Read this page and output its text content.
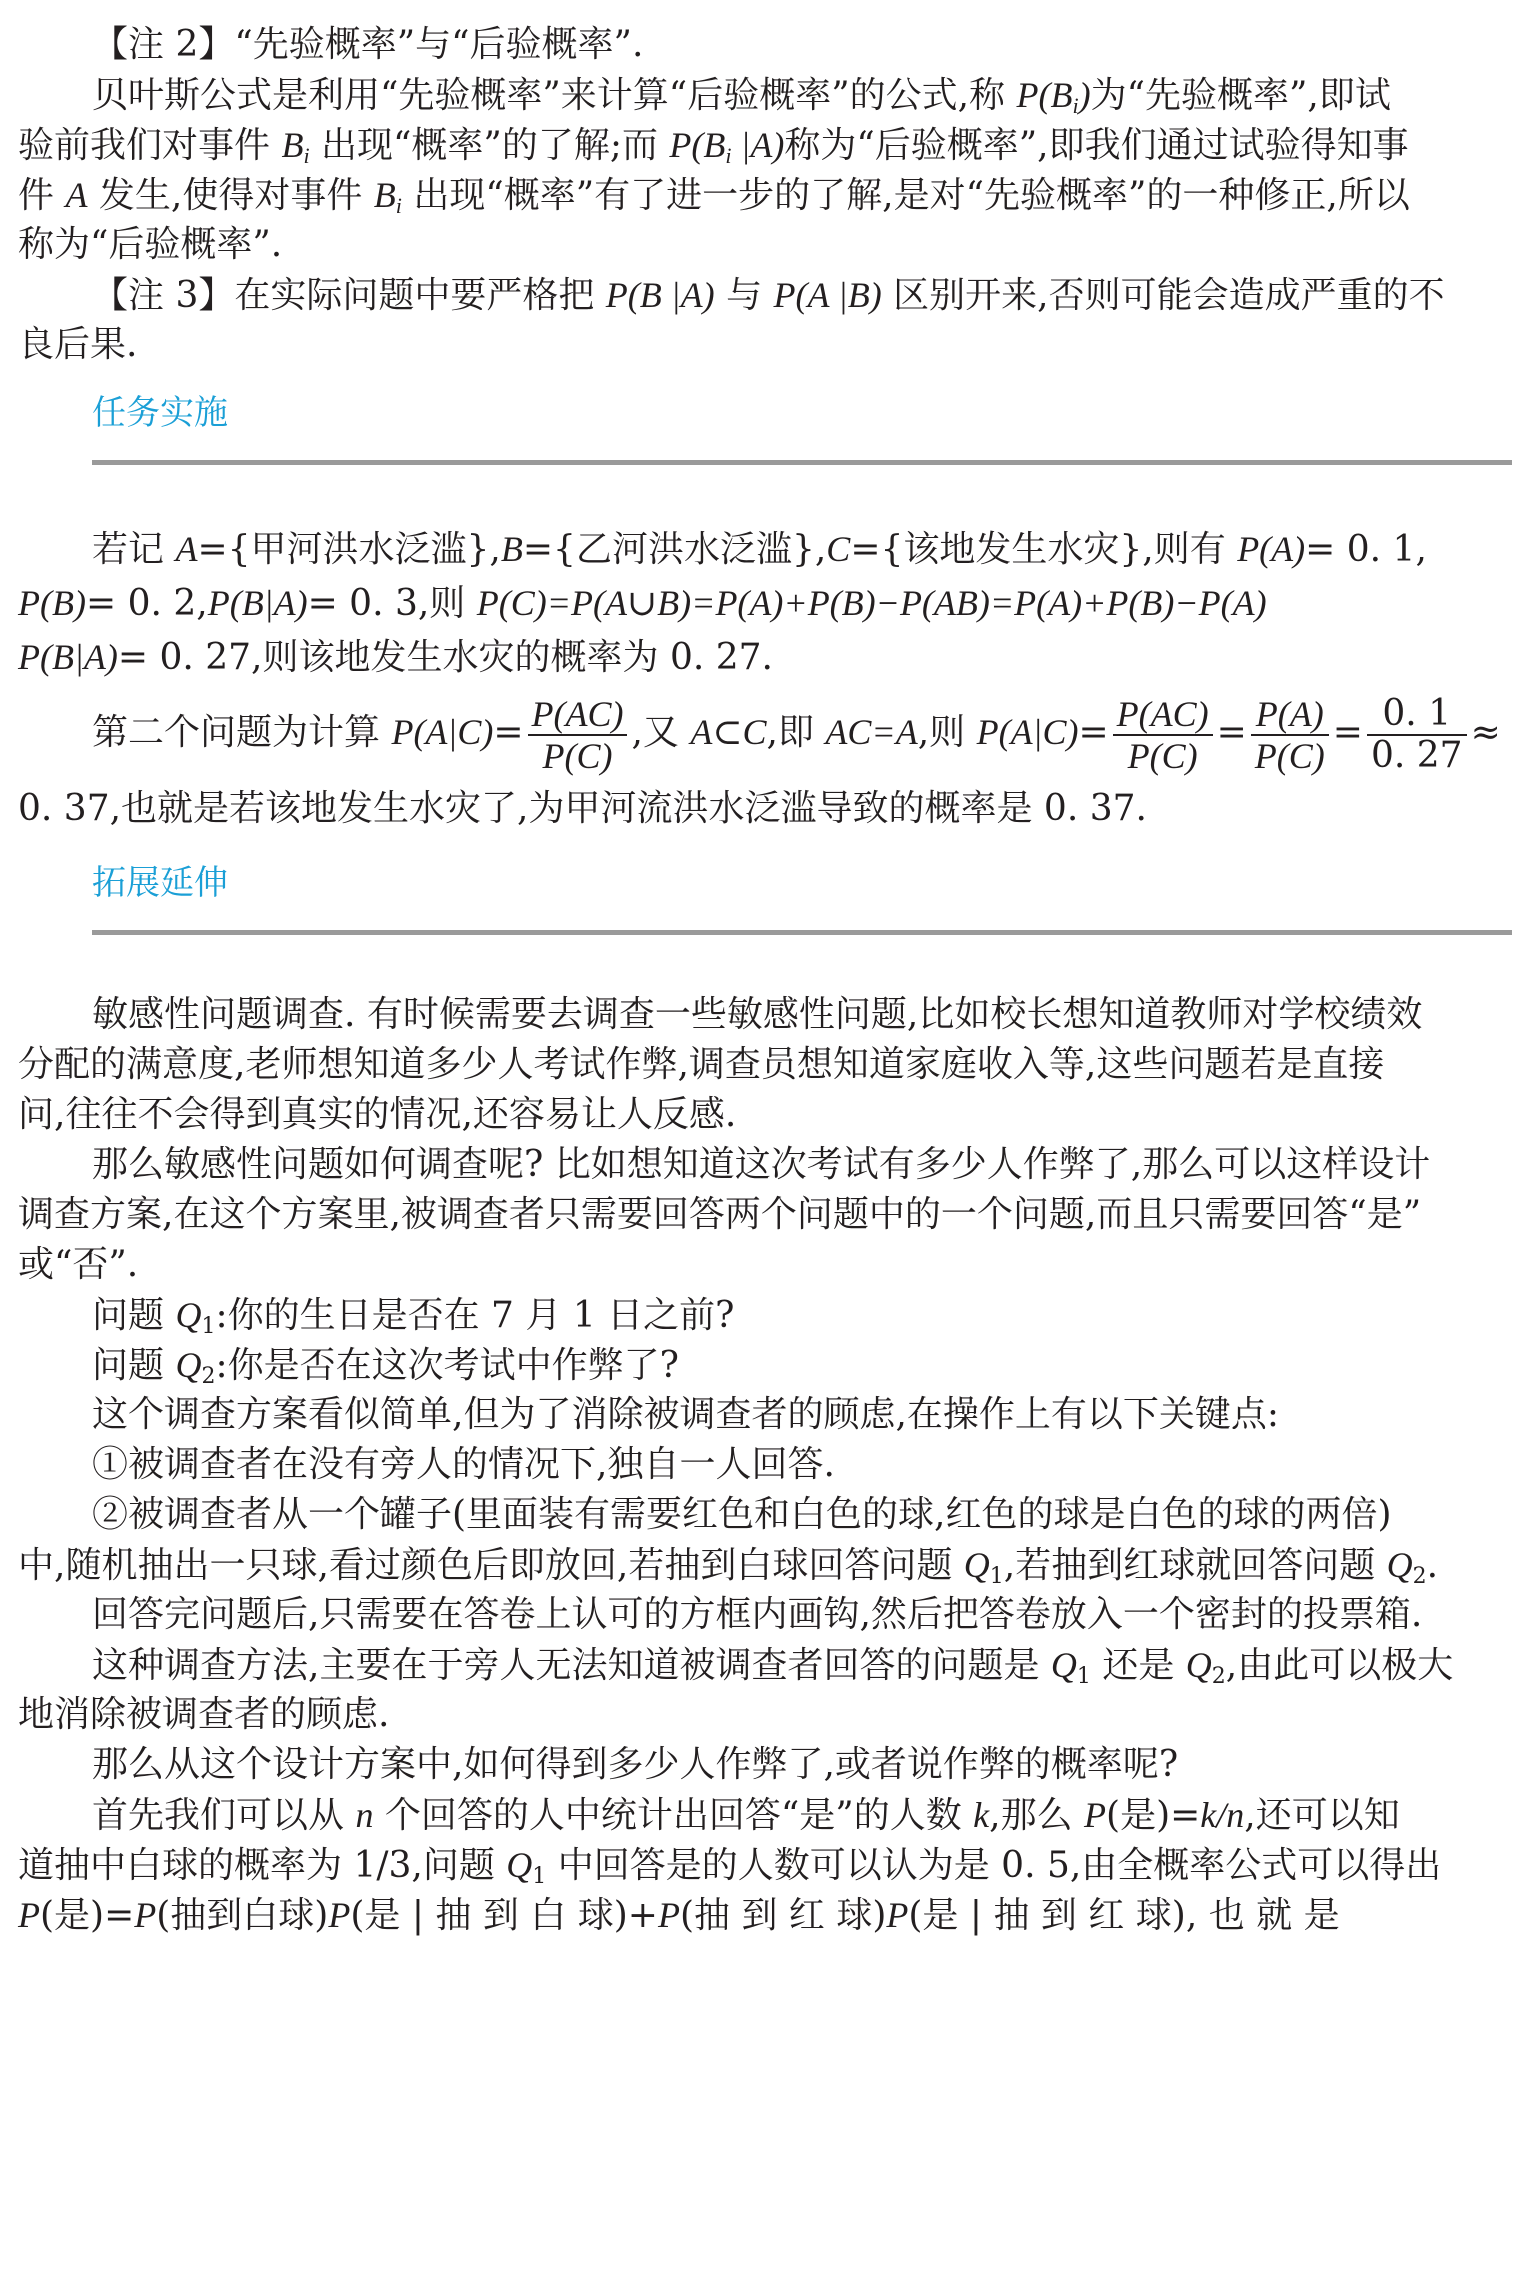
【注 2】“先验概率”与“后验概率”.
贝叶斯公式是利用“先验概率”来计算“后验概率”的公式,称 $P(B_i)$为“先验概率”,即试
验前我们对事件 $B_i$ 出现“概率”的了解;而 $P(B_i$ |A)称为“后验概率”,即我们通过试验得知事
件 A 发生,使得对事件 $B_i$ 出现“概率”有了进一步的了解,是对“先验概率”的一种修正,所以
称为“后验概率”.
【注 3】在实际问题中要严格把 P(B |A) 与 P(A |B) 区别开来,否则可能会造成严重的不
良后果.
任务实施
若记 A={甲河洪水泛滥},B={乙河洪水泛滥},C={该地发生水灾},则有 P(A)= 0. 1,
P(B)= 0. 2,P(B|A)= 0. 3,则 P(C)=P(A∪B)=P(A)+P(B)−P(AB)=P(A)+P(B)−P(A)
P(B|A)= 0. 27,则该地发生水灾的概率为 0. 27.
第二个问题为计算 $P(A|C)= \frac{P(AC)}{P(C)}$ ,又 A⊂C,即 AC=A,则 $P(A|C)= \frac{P(AC)}{P(C)} = \frac{P(A)}{P(C)} = \frac{0. 1}{0. 27}$ ≈
0. 37,也就是若该地发生水灾了,为甲河流洪水泛滥导致的概率是 0. 37.
拓展延伸
敏感性问题调查. 有时候需要去调查一些敏感性问题,比如校长想知道教师对学校绩效
分配的满意度,老师想知道多少人考试作弊,调查员想知道家庭收入等,这些问题若是直接
问,往往不会得到真实的情况,还容易让人反感.
那么敏感性问题如何调查呢? 比如想知道这次考试有多少人作弊了,那么可以这样设计
调查方案,在这个方案里,被调查者只需要回答两个问题中的一个问题,而且只需要回答“是”
或“否”.
问题 $Q_1$:你的生日是否在 7 月 1 日之前?
问题 $Q_2$:你是否在这次考试中作弊了?
这个调查方案看似简单,但为了消除被调查者的顾虑,在操作上有以下关键点:
①被调查者在没有旁人的情况下,独自一人回答.
②被调查者从一个罐子(里面装有需要红色和白色的球,红色的球是白色的球的两倍)
中,随机抽出一只球,看过颜色后即放回,若抽到白球回答问题 $Q_1$,若抽到红球就回答问题 $Q_2$.
回答完问题后,只需要在答卷上认可的方框内画钩,然后把答卷放入一个密封的投票箱.
这种调查方法,主要在于旁人无法知道被调查者回答的问题是 $Q_1$ 还是 $Q_2$,由此可以极大
地消除被调查者的顾虑.
那么从这个设计方案中,如何得到多少人作弊了,或者说作弊的概率呢?
首先我们可以从 n 个回答的人中统计出回答“是”的人数 k,那么 P(是)=k/n,还可以知
道抽中白球的概率为 1/3,问题 $Q_1$ 中回答是的人数可以认为是 0. 5,由全概率公式可以得出
P(是)=P(抽到白球)P(是 | 抽 到 白 球)+P(抽 到 红 球)P(是 | 抽 到 红 球), 也 就 是
